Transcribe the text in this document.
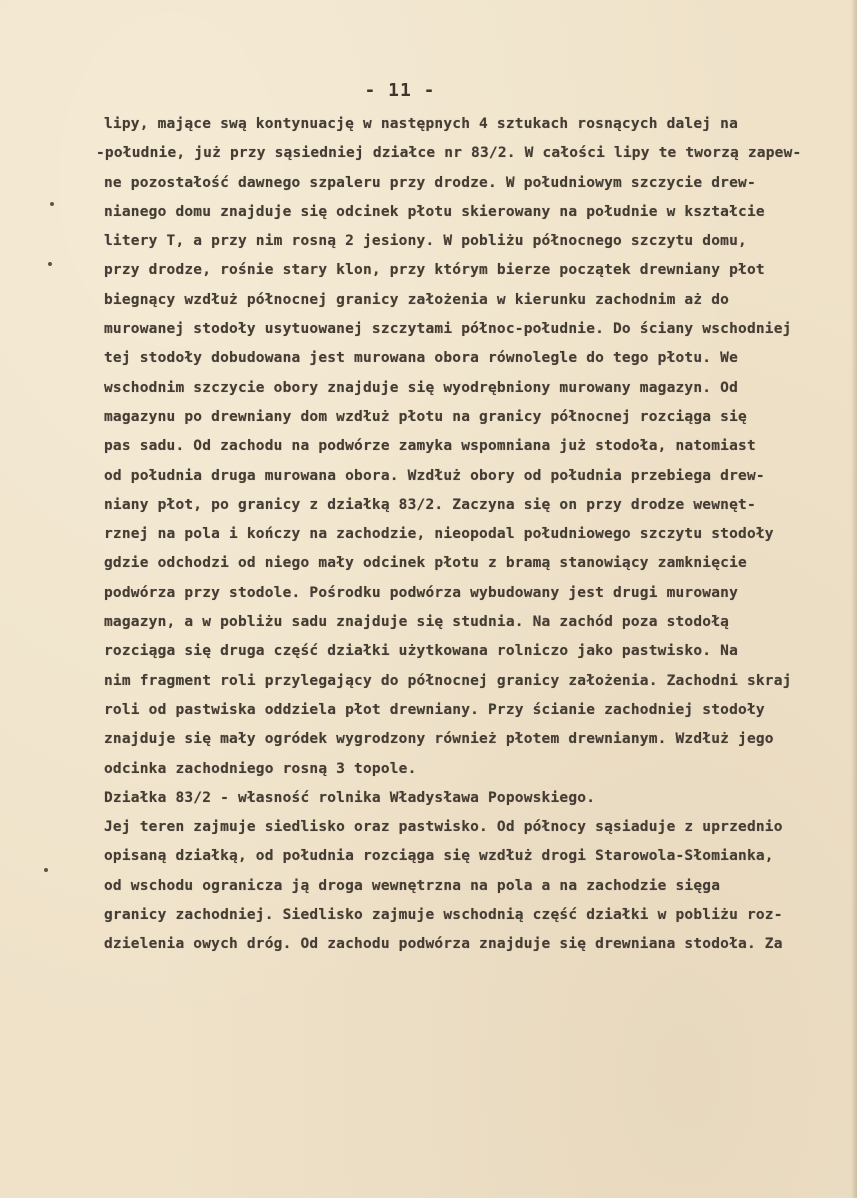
- 11 -
lipy, mające swą kontynuację w następnych 4 sztukach rosnących dalej na
-południe, już przy sąsiedniej działce nr 83/2. W całości lipy te tworzą zapew-
ne pozostałość dawnego szpaleru przy drodze. W południowym szczycie drew-
nianego domu znajduje się odcinek płotu skierowany na południe w kształcie
litery T, a przy nim rosną 2 jesiony. W pobliżu północnego szczytu domu,
przy drodze, rośnie stary klon, przy którym bierze początek drewniany płot
biegnący wzdłuż północnej granicy założenia w kierunku zachodnim aż do
murowanej stodoły usytuowanej szczytami północ-południe. Do ściany wschodniej
tej stodoły dobudowana jest murowana obora równolegle do tego płotu. We
wschodnim szczycie obory znajduje się wyodrębniony murowany magazyn. Od
magazynu po drewniany dom wzdłuż płotu na granicy północnej rozciąga się
pas sadu. Od zachodu na podwórze zamyka wspomniana już stodoła, natomiast
od południa druga murowana obora. Wzdłuż obory od południa przebiega drew-
niany płot, po granicy z działką 83/2. Zaczyna się on przy drodze wewnęt-
rznej na pola i kończy na zachodzie, nieopodal południowego szczytu stodoły
gdzie odchodzi od niego mały odcinek płotu z bramą stanowiący zamknięcie
podwórza przy stodole. Pośrodku podwórza wybudowany jest drugi murowany
magazyn, a w pobliżu sadu znajduje się studnia. Na zachód poza stodołą
rozciąga się druga część działki użytkowana rolniczo jako pastwisko. Na
nim fragment roli przylegający do północnej granicy założenia. Zachodni skraj
roli od pastwiska oddziela płot drewniany. Przy ścianie zachodniej stodoły
znajduje się mały ogródek wygrodzony również płotem drewnianym. Wzdłuż jego
odcinka zachodniego rosną 3 topole.
Działka 83/2 - własność rolnika Władysława Popowskiego.
Jej teren zajmuje siedlisko oraz pastwisko. Od północy sąsiaduje z uprzednio
opisaną działką, od południa rozciąga się wzdłuż drogi Starowola-Słomianka,
od wschodu ogranicza ją droga wewnętrzna na pola a na zachodzie sięga
granicy zachodniej. Siedlisko zajmuje wschodnią część działki w pobliżu roz-
dzielenia owych dróg. Od zachodu podwórza znajduje się drewniana stodoła. Za
